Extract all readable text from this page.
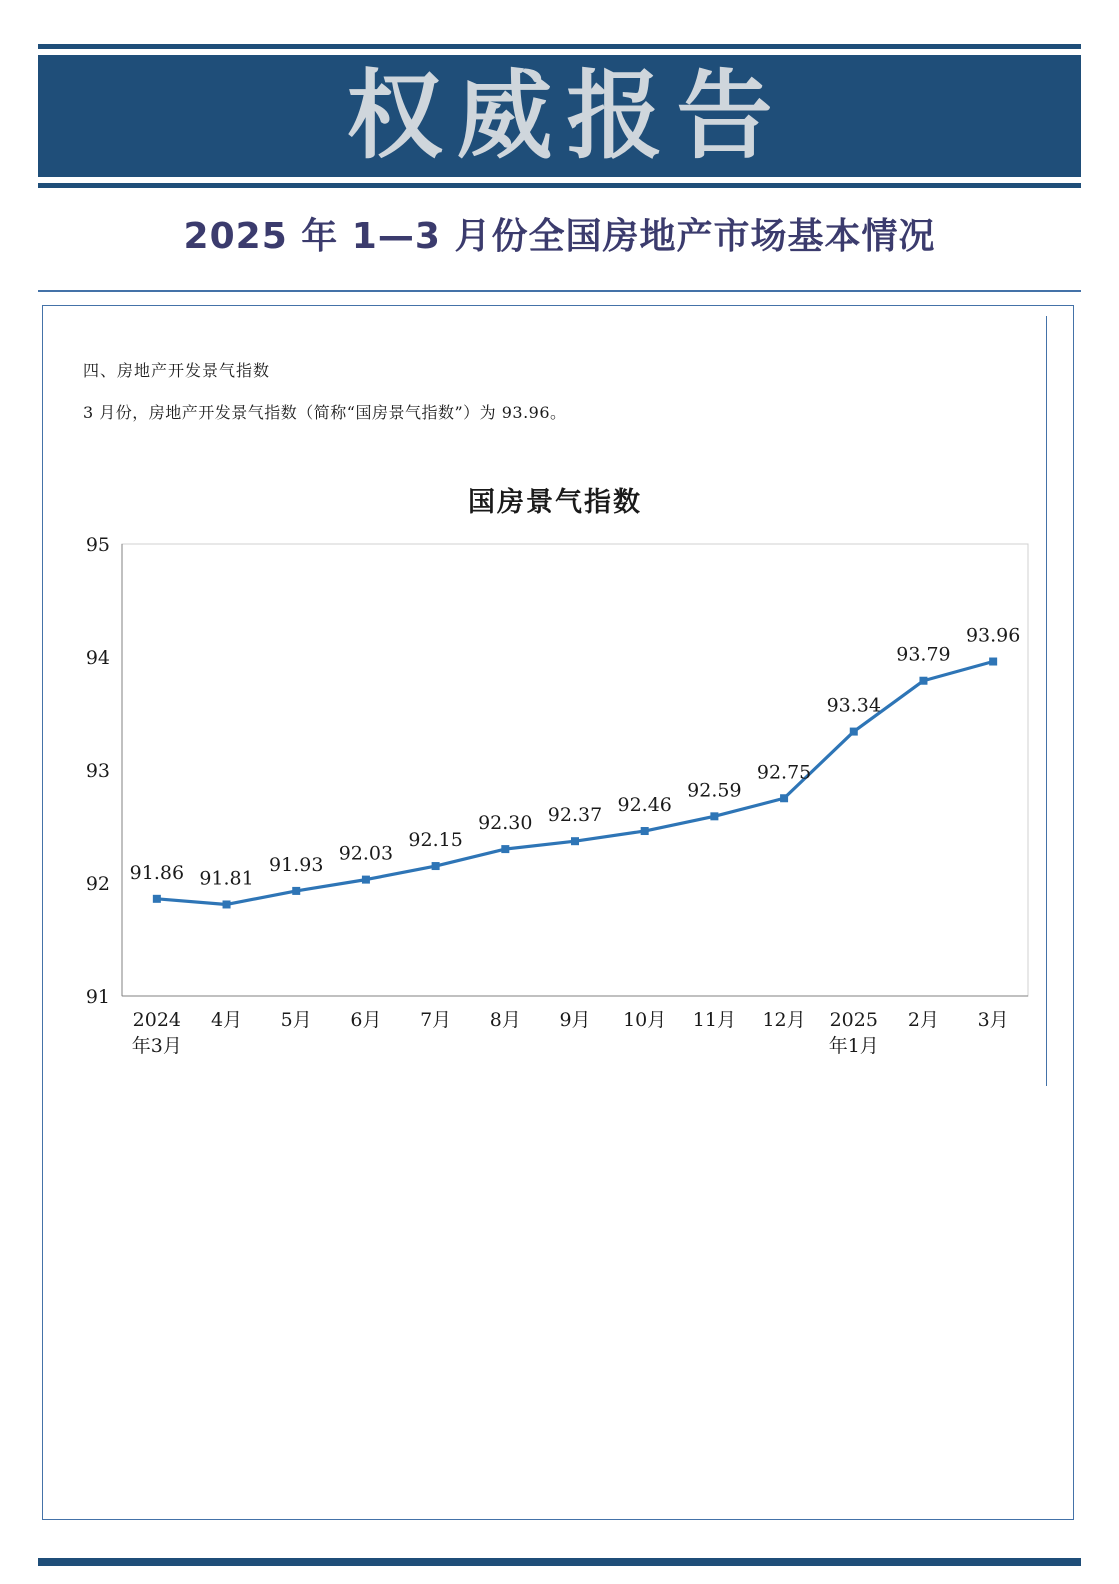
权威报告
2025 年 1—3 月份全国房地产市场基本情况
四、房地产开发景气指数
3 月份，房地产开发景气指数（简称“国房景气指数”）为 93.96。
国房景气指数
91
92
93
94
95
2024 年3月
4月 5月 6月 7月 8月 9月 10月 11月 12月 2025 年1月
2月 3月
91.86 91.81
91.93
92.03
92.15
92.30 92.37 92.46
92.59
92.75
93.34
93.79
93.96
